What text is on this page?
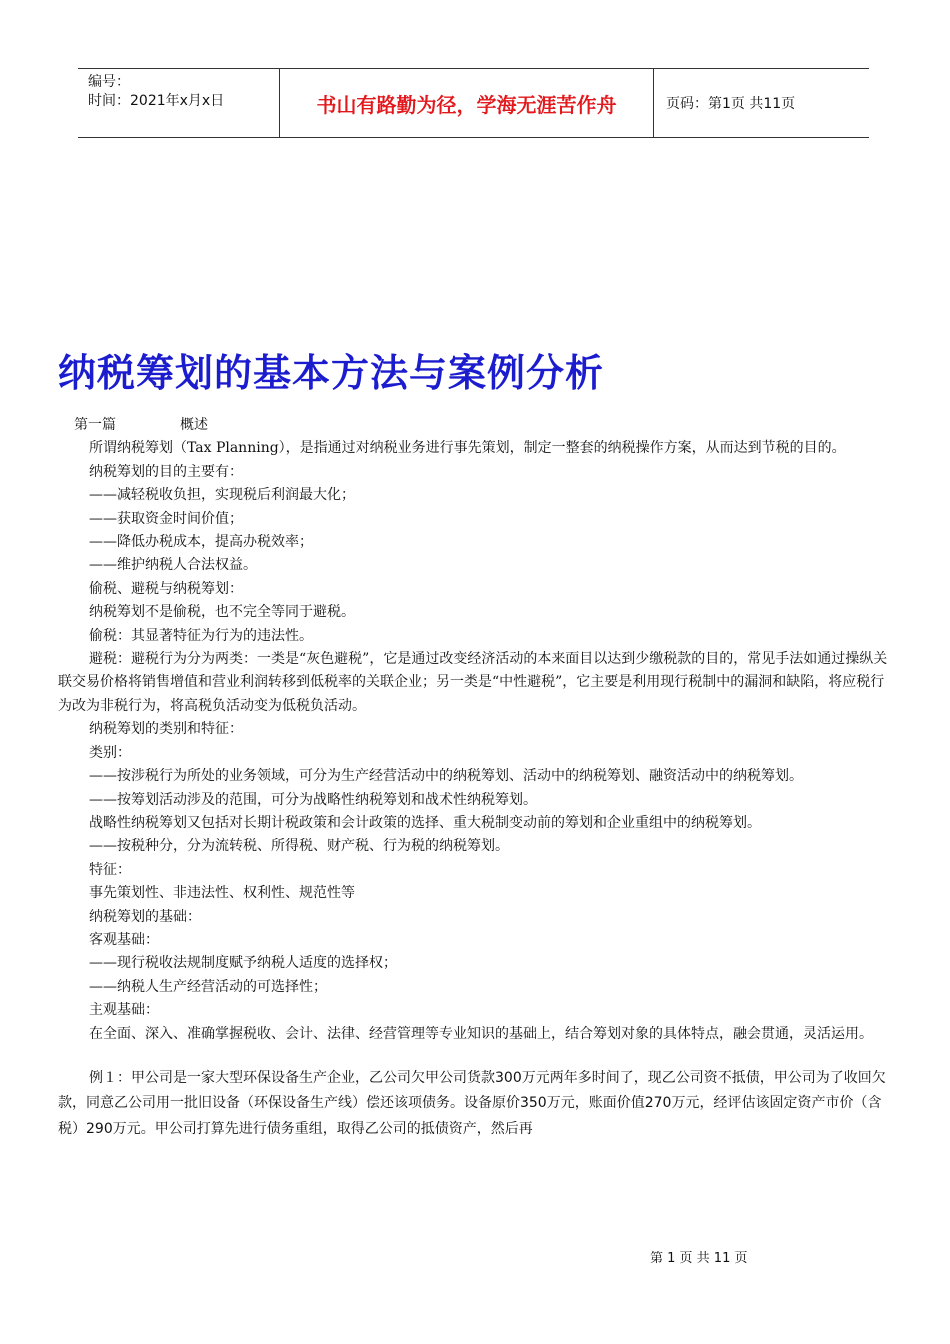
编号：
时间：2021年x月x日	书山有路勤为径，学海无涯苦作舟	页码：第1页 共11页
纳税筹划的基本方法与案例分析

第一篇	概述

所谓纳税筹划（Tax Planning），是指通过对纳税业务进行事先策划，制定一整套的纳税操作方案，从而达到节税的目的。

纳税筹划的目的主要有：

——减轻税收负担，实现税后利润最大化；

——获取资金时间价值；

——降低办税成本，提高办税效率；

——维护纳税人合法权益。

偷税、避税与纳税筹划：

纳税筹划不是偷税，也不完全等同于避税。

偷税：其显著特征为行为的违法性。

避税：避税行为分为两类：一类是“灰色避税”，它是通过改变经济活动的本来面目以达到少缴税款的目的，常见手法如通过操纵关联交易价格将销售增值和营业利润转移到低税率的关联企业；另一类是“中性避税”，它主要是利用现行税制中的漏洞和缺陷，将应税行为改为非税行为，将高税负活动变为低税负活动。

纳税筹划的类别和特征：

类别：

——按涉税行为所处的业务领域，可分为生产经营活动中的纳税筹划、活动中的纳税筹划、融资活动中的纳税筹划。

——按筹划活动涉及的范围，可分为战略性纳税筹划和战术性纳税筹划。

战略性纳税筹划又包括对长期计税政策和会计政策的选择、重大税制变动前的筹划和企业重组中的纳税筹划。

——按税种分，分为流转税、所得税、财产税、行为税的纳税筹划。

特征：

事先策划性、非违法性、权利性、规范性等

纳税筹划的基础：

客观基础：

——现行税收法规制度赋予纳税人适度的选择权；

——纳税人生产经营活动的可选择性；

主观基础：

在全面、深入、准确掌握税收、会计、法律、经营管理等专业知识的基础上，结合筹划对象的具体特点，融会贯通，灵活运用。

例１：甲公司是一家大型环保设备生产企业，乙公司欠甲公司货款300万元两年多时间了，现乙公司资不抵债，甲公司为了收回欠款，同意乙公司用一批旧设备（环保设备生产线）偿还该项债务。设备原价350万元，账面价值270万元，经评估该固定资产市价（含税）290万元。甲公司打算先进行债务重组，取得乙公司的抵债资产，然后再

第 1 页 共 11 页
